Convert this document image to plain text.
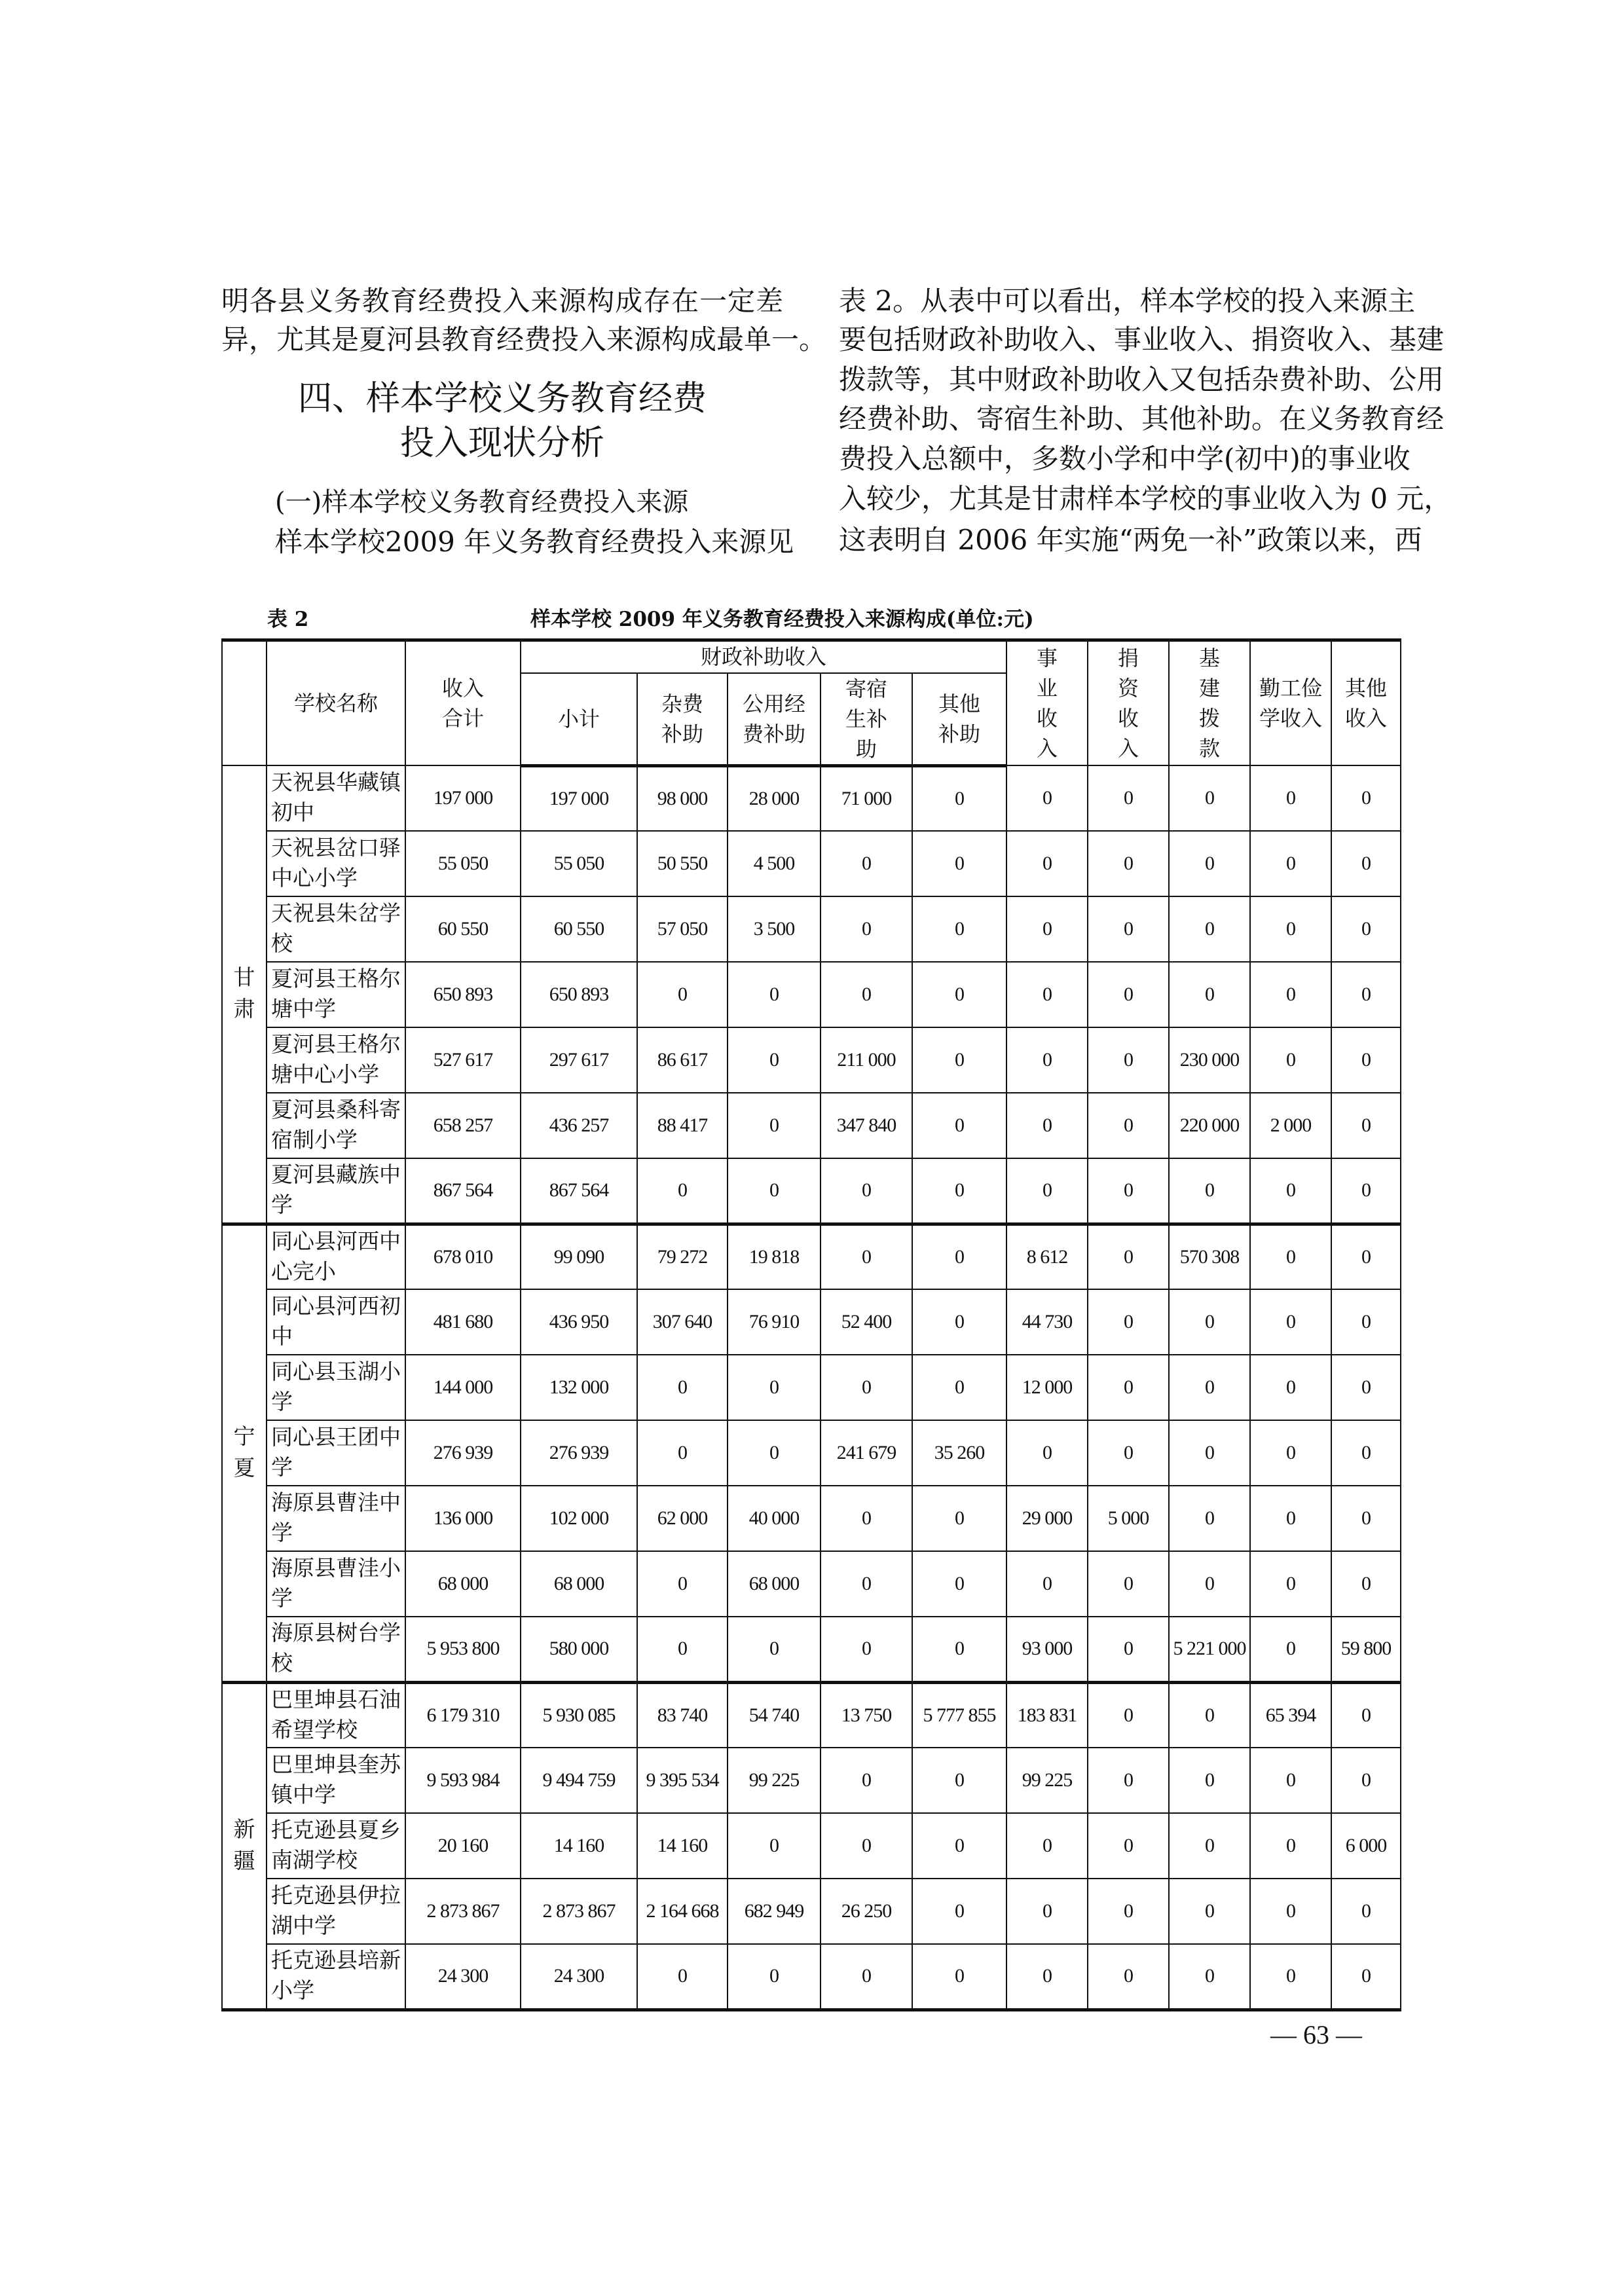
明各县义务教育经费投入来源构成存在一定差
异，尤其是夏河县教育经费投入来源构成最单一。
四、样本学校义务教育经费
投入现状分析
(一)样本学校义务教育经费投入来源
样本学校2009 年义务教育经费投入来源见
表 2。从表中可以看出，样本学校的投入来源主
要包括财政补助收入、事业收入、捐资收入、基建
拨款等，其中财政补助收入又包括杂费补助、公用
经费补助、寄宿生补助、其他补助。在义务教育经
费投入总额中，多数小学和中学(初中)的事业收
入较少，尤其是甘肃样本学校的事业收入为 0 元，
这表明自 2006 年实施“两免一补”政策以来，西
表 2	样本学校 2009 年义务教育经费投入来源构成(单位:元)
	学校名称	收入合计	财政补助收入					事业收入	捐资收入	基建拨款	勤工俭学收入	其他收入
			小计	杂费补助	公用经费补助	寄宿生补助	其他补助					
甘肃	天祝县华藏镇初中	197 000	197 000	98 000	28 000	71 000	0	0	0	0	0	0
	天祝县岔口驿中心小学	55 050	55 050	50 550	4 500	0	0	0	0	0	0	0
	天祝县朱岔学校	60 550	60 550	57 050	3 500	0	0	0	0	0	0	0
	夏河县王格尔塘中学	650 893	650 893	0	0	0	0	0	0	0	0	0
	夏河县王格尔塘中心小学	527 617	297 617	86 617	0	211 000	0	0	0	230 000	0	0
	夏河县桑科寄宿制小学	658 257	436 257	88 417	0	347 840	0	0	0	220 000	2 000	0
	夏河县藏族中学	867 564	867 564	0	0	0	0	0	0	0	0	0
宁夏	同心县河西中心完小	678 010	99 090	79 272	19 818	0	0	8 612	0	570 308	0	0
	同心县河西初中	481 680	436 950	307 640	76 910	52 400	0	44 730	0	0	0	0
	同心县玉湖小学	144 000	132 000	0	0	0	0	12 000	0	0	0	0
	同心县王团中学	276 939	276 939	0	0	241 679	35 260	0	0	0	0	0
	海原县曹洼中学	136 000	102 000	62 000	40 000	0	0	29 000	5 000	0	0	0
	海原县曹洼小学	68 000	68 000	0	68 000	0	0	0	0	0	0	0
	海原县树台学校	5 953 800	580 000	0	0	0	0	93 000	0	5 221 000	0	59 800
新疆	巴里坤县石油希望学校	6 179 310	5 930 085	83 740	54 740	13 750	5 777 855	183 831	0	0	65 394	0
	巴里坤县奎苏镇中学	9 593 984	9 494 759	9 395 534	99 225	0	0	99 225	0	0	0	0
	托克逊县夏乡南湖学校	20 160	14 160	14 160	0	0	0	0	0	0	0	6 000
	托克逊县伊拉湖中学	2 873 867	2 873 867	2 164 668	682 949	26 250	0	0	0	0	0	0
	托克逊县培新小学	24 300	24 300	0	0	0	0	0	0	0	0	0
— 63 —
